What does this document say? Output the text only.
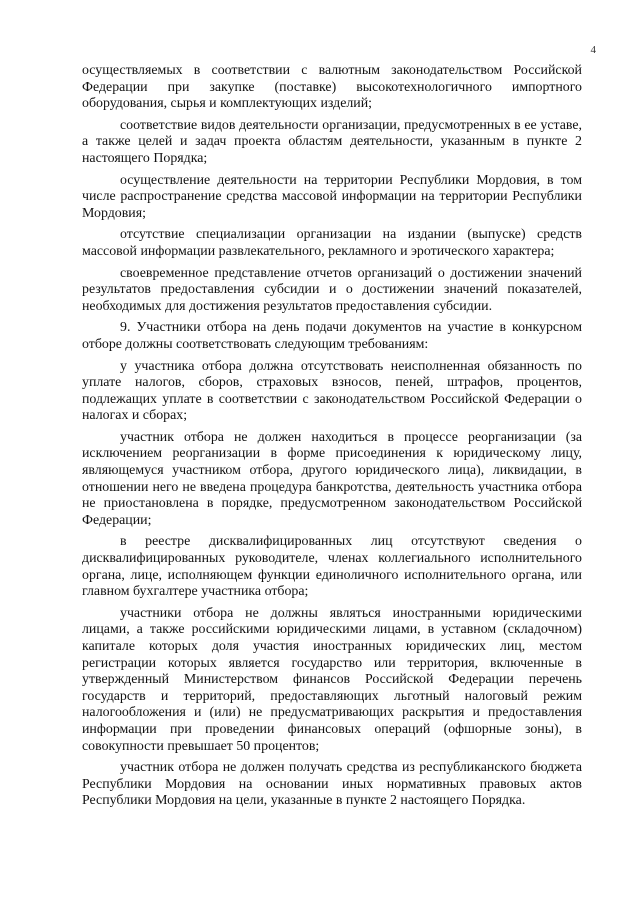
4

осуществляемых в соответствии с валютным законодательством Российской Федерации при закупке (поставке) высокотехнологичного импортного оборудования, сырья и комплектующих изделий;

соответствие видов деятельности организации, предусмотренных в ее уставе, а также целей и задач проекта областям деятельности, указанным в пункте 2 настоящего Порядка;

осуществление деятельности на территории Республики Мордовия, в том числе распространение средства массовой информации на территории Республики Мордовия;

отсутствие специализации организации на издании (выпуске) средств массовой информации развлекательного, рекламного и эротического характера;

своевременное представление отчетов организаций о достижении значений результатов предоставления субсидии и о достижении значений показателей, необходимых для достижения результатов предоставления субсидии.

9. Участники отбора на день подачи документов на участие в конкурсном отборе должны соответствовать следующим требованиям:

у участника отбора должна отсутствовать неисполненная обязанность по уплате налогов, сборов, страховых взносов, пеней, штрафов, процентов, подлежащих уплате в соответствии с законодательством Российской Федерации о налогах и сборах;

участник отбора не должен находиться в процессе реорганизации (за исключением реорганизации в форме присоединения к юридическому лицу, являющемуся участником отбора, другого юридического лица), ликвидации, в отношении него не введена процедура банкротства, деятельность участника отбора не приостановлена в порядке, предусмотренном законодательством Российской Федерации;

в реестре дисквалифицированных лиц отсутствуют сведения о дисквалифицированных руководителе, членах коллегиального исполнительного органа, лице, исполняющем функции единоличного исполнительного органа, или главном бухгалтере участника отбора;

участники отбора не должны являться иностранными юридическими лицами, а также российскими юридическими лицами, в уставном (складочном) капитале которых доля участия иностранных юридических лиц, местом регистрации которых является государство или территория, включенные в утвержденный Министерством финансов Российской Федерации перечень государств и территорий, предоставляющих льготный налоговый режим налогообложения и (или) не предусматривающих раскрытия и предоставления информации при проведении финансовых операций (офшорные зоны), в совокупности превышает 50 процентов;

участник отбора не должен получать средства из республиканского бюджета Республики Мордовия на основании иных нормативных правовых актов Республики Мордовия на цели, указанные в пункте 2 настоящего Порядка.
